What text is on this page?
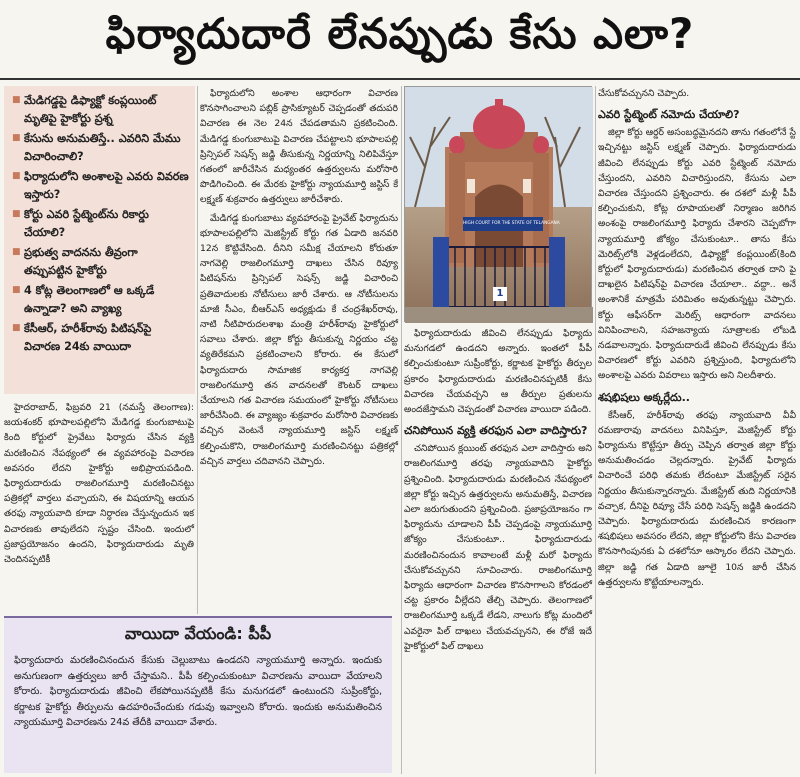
ఫిర్యాదుదారే లేనప్పుడు కేసు ఎలా?
■ మేడిగడ్డపై డిఫ్యాక్టో కంప్లయింట్ మృతిపై హైకోర్టు ప్రశ్న
■ కేసును అనుమతిస్తే.. ఎవరిని మేము విచారించాలి?
■ ఫిర్యాదులోని అంశాలపై ఎవరు వివరణ ఇస్తారు?
■ కోర్టు ఎవరి స్టేట్మెంట్‌ను రికార్డు చేయాలి?
■ ప్రభుత్వ వాదనను తీవ్రంగా తప్పుపట్టిన హైకోర్టు
■ 4 కోట్ల తెలంగాణలో ఆ ఒక్కడే ఉన్నాడా? అని వ్యాఖ్య
■ కేసీఆర్, హరీశ్‌రావు పిటిషన్‌పై విచారణ 24కు వాయిదా

హైదరాబాద్, ఫిబ్రవరి 21 (నమస్తే తెలంగాణ): జయశంకర్ భూపాలపల్లిలోని మేడిగడ్డ కుంగుబాటుపై కింది కోర్టులో ప్రైవేటు ఫిర్యాదు చేసిన వ్యక్తి మరణించిన నేపథ్యంలో ఈ వ్యవహారంపై విచారణ అవసరం లేదని హైకోర్టు అభిప్రాయపడింది. ఫిర్యాదుదారుడు రాజలింగమూర్తి మరణించినట్టు పత్రికల్లో వార్తలు వచ్చాయని, ఈ విషయాన్ని ఆయన తరఫు న్యాయవాది కూడా నిర్ధారణ చేస్తున్నందున ఇక విచారణకు తావులేదని స్పష్టం చేసింది. ఇందులో ప్రజాప్రయోజనం ఉందని, ఫిర్యాదుదారుడు మృతి చెందినప్పటికీ

ఫిర్యాదులోని అంశాల ఆధారంగా విచారణ కొనసాగించాలని పబ్లిక్ ప్రాసిక్యూటర్ చెప్పడంతో తదుపరి విచారణ ఈ నెల 24న చేపడతామని ప్రకటించింది. మేడిగడ్డ కుంగుబాటుపై విచారణ చేపట్టాలని భూపాలపల్లి ప్రిన్సిపల్ సెషన్స్ జడ్జి తీసుకున్న నిర్ణయాన్ని నిలిపివేస్తూ గతంలో జారీచేసిన మధ్యంతర ఉత్తర్వులను మరోసారి పొడిగించింది. ఈ మేరకు హైకోర్టు న్యాయమూర్తి జస్టిస్ కే లక్ష్మణ్ శుక్రవారం ఉత్తర్వులు జారీచేశారు.

మేడిగడ్డ కుంగుబాటు వ్యవహారంపై ప్రైవేట్ ఫిర్యాదును భూపాలపల్లిలోని మెజిస్ట్రేట్ కోర్టు గత ఏడాది జనవరి 12న కొట్టివేసింది. దీనిని సమీక్ష చేయాలని కోరుతూ నాగవెల్లి రాజలింగమూర్తి దాఖలు చేసిన రివ్యూ పిటిషన్‌ను ప్రిన్సిపల్ సెషన్స్ జడ్జి విచారించి ప్రతివాదులకు నోటీసులు జారీ చేశారు. ఆ నోటీసులను మాజీ సీఎం, బీఆర్ఎస్ అధ్యక్షుడు కే చంద్రశేఖర్‌రావు, నాటి నీటిపారుదలశాఖ మంత్రి హరీశ్‌రావు హైకోర్టులో సవాలు చేశారు. జిల్లా కోర్టు తీసుకున్న నిర్ణయం చట్ట వ్యతిరేకమని ప్రకటించాలని కోరారు. ఈ కేసులో ఫిర్యాదుదారు సామాజిక కార్యకర్త నాగవెల్లి రాజలింగమూర్తి తన వాదనలతో కౌంటర్ దాఖలు చేయాలని గత విచారణ సమయంలో హైకోర్టు నోటీసులు జారీచేసింది. ఈ వ్యాజ్యం శుక్రవారం మరోసారి విచారణకు వచ్చిన వెంటనే న్యాయమూర్తి జస్టిస్ లక్ష్మణ్ కల్పించుకొని, రాజలింగమూర్తి మరణించినట్టు పత్రికల్లో వచ్చిన వార్తలు చదివానని చెప్పారు.

HIGH COURT FOR THE STATE OF TELANGANA
1

ఫిర్యాదుదారుడు జీవించి లేనప్పుడు ఫిర్యాదు మనుగడలో ఉండదని అన్నారు. ఇంతలో పీపీ కల్పించుకుంటూ సుప్రీంకోర్టు, కర్ణాటక హైకోర్టు తీర్పుల ప్రకారం ఫిర్యాదుదారుడు మరణించినప్పటికీ కేసు విచారణ చేయవచ్చని ఆ తీర్పుల ప్రతులను అందజేస్తామని చెప్పడంతో విచారణ వాయిదా పడింది.

చనిపోయిన వ్యక్తి తరఫున ఎలా వాదిస్తారు?

చనిపోయిన క్లయింట్ తరఫున ఎలా వాదిస్తారు అని రాజలింగమూర్తి తరఫు న్యాయవాదిని హైకోర్టు ప్రశ్నించింది. ఫిర్యాదుదారుడు మరణించిన నేపథ్యంలో జిల్లా కోర్టు ఇచ్చిన ఉత్తర్వులను అనుమతిస్తే, విచారణ ఎలా జరుగుతుందని ప్రశ్నించింది. ప్రజాప్రయోజనం గా ఫిర్యాదును చూడాలని పీపీ చెప్పడంపై న్యాయమూర్తి జోక్యం చేసుకుంటూ.. ఫిర్యాదుదారుడు మరణించినందున కావాలంటే మళ్లీ మరో ఫిర్యాదు చేసుకోవచ్చునని సూచించారు. రాజలింగమూర్తి ఫిర్యాదు ఆధారంగా విచారణ కొనసాగాలని కోరడంలో చట్ట ప్రకారం వీల్లేదని తేల్చి చెప్పారు. తెలంగాణలో రాజలింగమూర్తి ఒక్కడే లేడని, నాలుగు కోట్ల మందిలో ఎవరైనా పిల్ దాఖలు చేయవచ్చునని, ఈ రోజే ఇదే హైకోర్టులో పిల్ దాఖలు

చేసుకోవచ్చునని చెప్పారు.

ఎవరి స్టేట్మెంట్ నమోదు చేయాలి?

జిల్లా కోర్టు ఆర్డర్ అసంబద్ధమైనదని తాను గతంలోనే స్టే ఇచ్చినట్టు జస్టిస్ లక్ష్మణ్ చెప్పారు. ఫిర్యాదుదారుడు జీవించి లేనప్పుడు కోర్టు ఎవరి స్టేట్మెంట్ నమోదు చేస్తుందని, ఎవరిని విచారిస్తుందని, కేసును ఎలా విచారణ చేస్తుందని ప్రశ్నించారు. ఈ దశలో మళ్లీ పీపీ కల్పించుకుని, కోట్ల రూపాయలతో నిర్మాణం జరిగిన అంశంపై రాజలింగమూర్తి ఫిర్యాదు చేశారని చెప్పబోగా న్యాయమూర్తి జోక్యం చేసుకుంటూ.. తాను కేసు మెరిట్స్‌లోకి వెళ్లడంలేదని, డిఫ్యాక్టో కంప్లయింట్(కింది కోర్టులో ఫిర్యాదుదారుడు) మరణించిన తర్వాత దాని పై దాఖలైన పిటిషన్‌పై విచారణ చేయాలా.. వద్దా.. అనే అంశానికే మాత్రమే పరిమితం అవుతున్నట్టు చెప్పారు. కోర్టు ఆఫీసర్‌గా మెరిట్స్ ఆధారంగా వాదనలు వినిపించాలని, సహజన్యాయ సూత్రాలకు లోబడి నడవాలన్నారు. ఫిర్యాదుదారుడే జీవించి లేనప్పుడు కేసు విచారణలో కోర్టు ఎవరిని ప్రశ్నిస్తుంది, ఫిర్యాదులోని అంశాలపై ఎవరు వివరాలు ఇస్తారు అని నిలదీశారు.

శషభిషలు అక్కర్లేదు..

కేసీఆర్, హరీశ్‌రావు తరఫు న్యాయవాది వీవీ రమణారావు వాదనలు వినిపిస్తూ, మెజిస్ట్రేట్ కోర్టు ఫిర్యాదును కొట్టేస్తూ తీర్పు చెప్పిన తర్వాత జిల్లా కోర్టు అనుమతించడం చెల్లదన్నారు. ప్రైవేట్ ఫిర్యాదు విచారించే పరిధి తమకు లేదంటూ మేజిస్ట్రేట్ సరైన నిర్ణయం తీసుకున్నారన్నారు. మేజిస్ట్రేట్ తుది నిర్ణయానికి వచ్చాక, దీనిపై రివ్యూ చేసే పరిధి సెషన్స్ జడ్జికి ఉండదని చెప్పారు. ఫిర్యాదుదారుడు మరణించిన కారణంగా శషభిషలు అవసరం లేదని, జిల్లా కోర్టులోని కేసు విచారణ కొనసాగింపునకు ఏ దశలోనూ ఆస్కారం లేదని చెప్పారు. జిల్లా జడ్జి గత ఏడాది జూలై 10న జారీ చేసిన ఉత్తర్వులను కొట్టేయాలన్నారు.

వాయిదా వేయండి: పీపీ

ఫిర్యాదుదారు మరణించినందున కేసుకు చెల్లుబాటు ఉండదని న్యాయమూర్తి అన్నారు. ఇందుకు అనుగుణంగా ఉత్తర్వులు జారీ చేస్తామని.. పీపీ కల్పించుకుంటూ విచారణను వాయిదా వేయాలని కోరారు. ఫిర్యాదుదారుడు జీవించి లేకపోయినప్పటికీ కేసు మనుగడలో ఉంటుందని సుప్రీంకోర్టు, కర్ణాటక హైకోర్టు తీర్పులను ఉదహరించేందుకు గడువు ఇవ్వాలని కోరారు. ఇందుకు అనుమతించిన న్యాయమూర్తి విచారణను 24వ తేదీకి వాయిదా వేశారు.
